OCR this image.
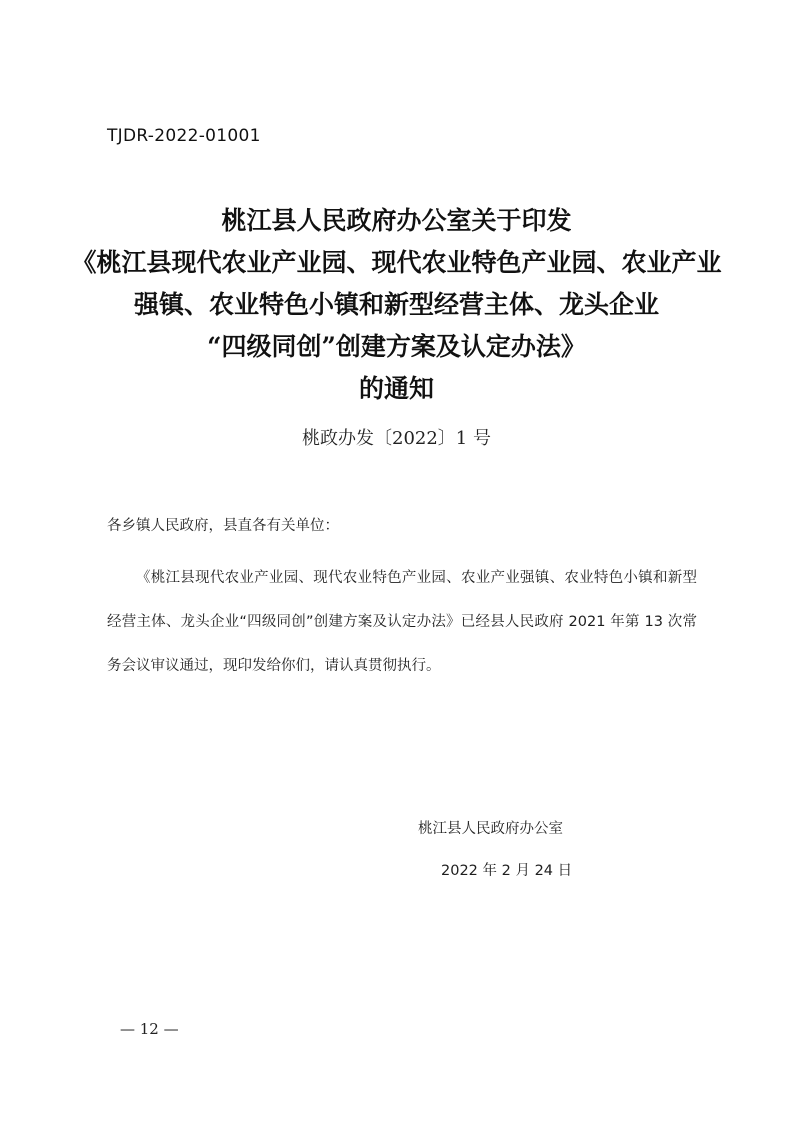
TJDR-2022-01001
桃江县人民政府办公室关于印发
《桃江县现代农业产业园、现代农业特色产业园、农业产业
强镇、农业特色小镇和新型经营主体、龙头企业
“四级同创”创建方案及认定办法》
的通知
桃政办发〔2022〕1 号
各乡镇人民政府，县直各有关单位：
《桃江县现代农业产业园、现代农业特色产业园、农业产业强镇、农业特色小镇和新型经营主体、龙头企业“四级同创”创建方案及认定办法》已经县人民政府 2021 年第 13 次常务会议审议通过，现印发给你们，请认真贯彻执行。
桃江县人民政府办公室
2022 年 2 月 24 日
— 12 —
